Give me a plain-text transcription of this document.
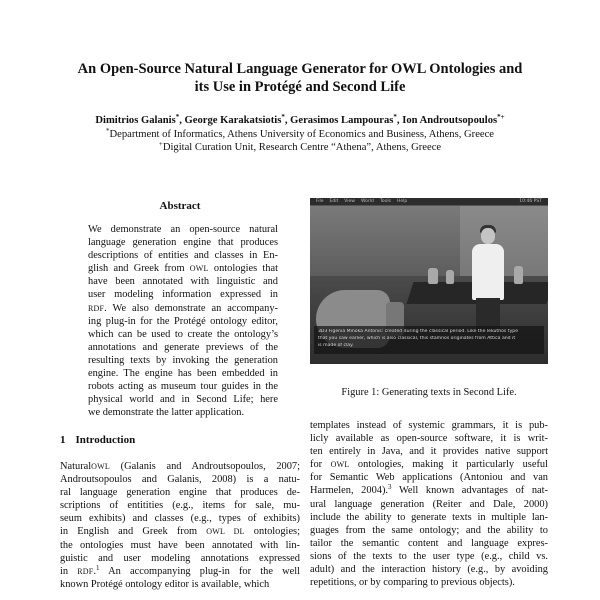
An Open-Source Natural Language Generator for OWL Ontologies and
its Use in Protégé and Second Life
Dimitrios Galanis*, George Karakatsiotis*, Gerasimos Lampouras*, Ion Androutsopoulos*+
*Department of Informatics, Athens University of Economics and Business, Athens, Greece
+Digital Curation Unit, Research Centre “Athena”, Athens, Greece
Abstract
We demonstrate an open-source natural
language generation engine that produces
descriptions of entities and classes in En-
glish and Greek from OWL ontologies that
have been annotated with linguistic and
user modeling information expressed in
RDF. We also demonstrate an accompany-
ing plug-in for the Protégé ontology editor,
which can be used to create the ontology’s
annotations and generate previews of the
resulting texts by invoking the generation
engine. The engine has been embedded in
robots acting as museum tour guides in the
physical world and in Second Life; here
we demonstrate the latter application.
1 Introduction
NaturalOWL (Galanis and Androutsopoulos, 2007;
Androutsopoulos and Galanis, 2008) is a natu-
ral language generation engine that produces de-
scriptions of entitities (e.g., items for sale, mu-
seum exhibits) and classes (e.g., types of exhibits)
in English and Greek from OWL DL ontologies;
the ontologies must have been annotated with lin-
guistic and user modeling annotations expressed
in RDF.$^1$ An accompanying plug-in for the well
known Protégé ontology editor is available, which
File Edit View World Tools Help	10:46 PST
3D3 Figenia Minoka Antonis: created during the classical period. Like the lekuthos type
that you saw earlier, which is also classical, this stamnos originates from Attica and it
is made of clay.
Figure 1: Generating texts in Second Life.
templates instead of systemic grammars, it is pub-
licly available as open-source software, it is writ-
ten entirely in Java, and it provides native support
for OWL ontologies, making it particularly useful
for Semantic Web applications (Antoniou and van
Harmelen, 2004).$^3$ Well known advantages of nat-
ural language generation (Reiter and Dale, 2000)
include the ability to generate texts in multiple lan-
guages from the same ontology; and the ability to
tailor the semantic content and language expres-
sions of the texts to the user type (e.g., child vs.
adult) and the interaction history (e.g., by avoiding
repetitions, or by comparing to previous objects).
